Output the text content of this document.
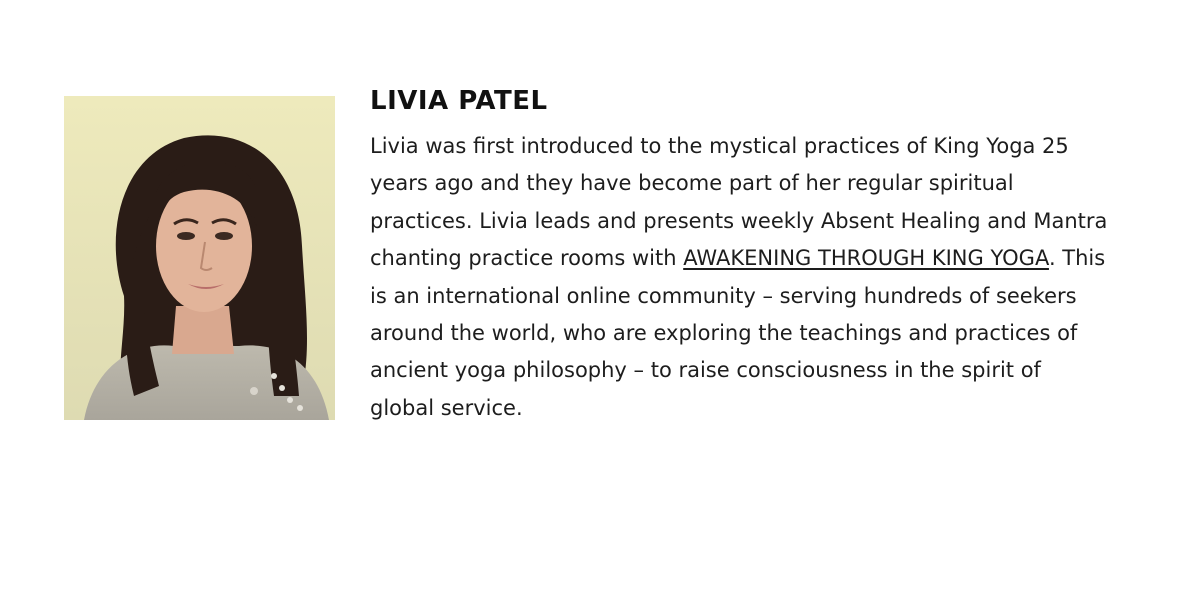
LIVIA PATEL

Livia was first introduced to the mystical practices of King Yoga 25 years ago and they have become part of her regular spiritual practices. Livia leads and presents weekly Absent Healing and Mantra chanting practice rooms with AWAKENING THROUGH KING YOGA. This is an international online community – serving hundreds of seekers around the world, who are exploring the teachings and practices of ancient yoga philosophy – to raise consciousness in the spirit of global service.
